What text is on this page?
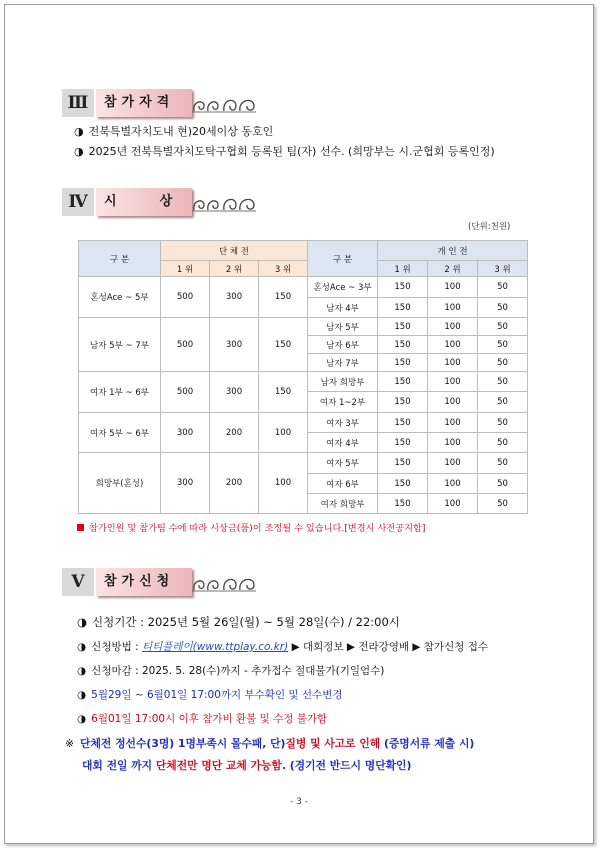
Ⅲ	참가자격
◑ 전북특별자치도내 현)20세이상 동호인
◑ 2025년 전북특별자치도탁구협회 등록된 팀(자) 선수. (희망부는 시.군협회 등록인정)
Ⅳ	시    상
(단위:천원)
구 분	단 체 전			구 분	개 인 전		
	1 위	2 위	3 위		1 위	2 위	3 위
혼성Ace ~ 5부	500	300	150	혼성Ace ~ 3부	150	100	50
				남자 4부	150	100	50
남자 5부 ~ 7부	500	300	150	남자 5부	150	100	50
				남자 6부	150	100	50
				남자 7부	150	100	50
여자 1부 ~ 6부	500	300	150	남자 희망부	150	100	50
				여자 1~2부	150	100	50
여자 5부 ~ 6부	300	200	100	여자 3부	150	100	50
				여자 4부	150	100	50
희망부(혼성)	300	200	100	여자 5부	150	100	50
				여자 6부	150	100	50
				여자 희망부	150	100	50
참가인원 및 참가팀 수에 따라 시상금(품)이 조정될 수 있습니다.[변경시 사전공지함]
Ⅴ	참가신청
◑ 신청기간 : 2025년 5월 26일(월) ~ 5월 28일(수) / 22:00시
◑ 신청방법 : 티티플레이(www.ttplay.co.kr) ▶ 대회정보 ▶ 전라강영배 ▶ 참가신청 접수
◑ 신청마감 : 2025. 5. 28(수)까지 - 추가접수 절대불가(기일엄수)
◑ 5월29일 ~ 6월01일 17:00까지 부수확인 및 선수변경
◑ 6월01일 17:00시 이후 참가비 환불 및 수정 불가함
※ 단체전 정선수(3명) 1명부족시 몰수패, 단)질병 및 사고로 인해 (증명서류 제출 시)
대회 전일 까지 단체전만 명단 교체 가능함. (경기전 반드시 명단확인)
- 3 -
